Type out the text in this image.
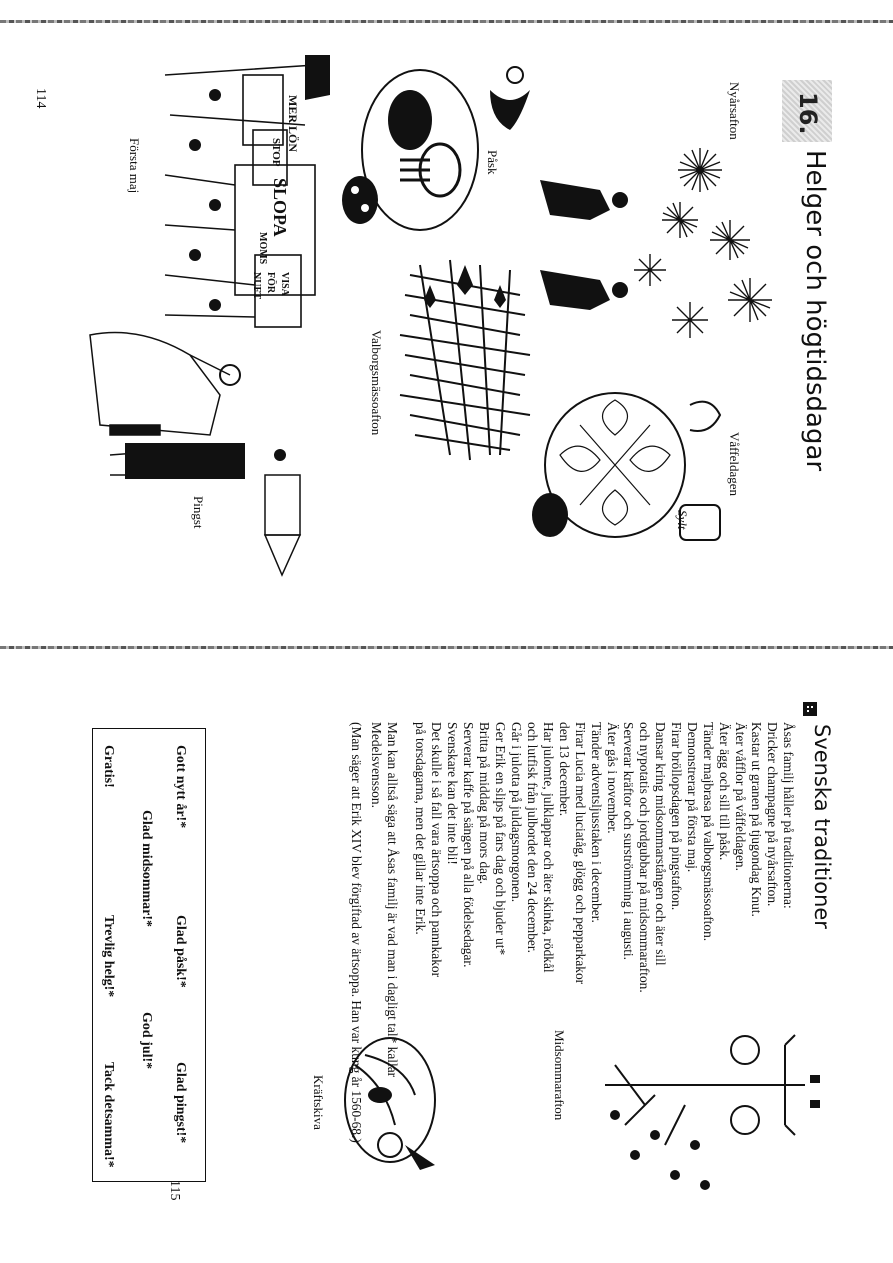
114	16.
Helger och högtidsdagar
Nyårsafton
Påsk
Våffeldagen
Valborgsmässoafton
Första maj
Pingst	Sylt
MER LÖN
STOP
SLOPA
MOMS
VISA
FÖR
NUFT
115
Svenska traditioner
Midsommarafton
Kräftskiva
Åsas familj håller på traditionerna:
Dricker champagne på nyårsafton.
Kastar ut granen på tjugondag Knut.
Äter våfflor på våffeldagen.
Äter ägg och sill till påsk.
Tänder majbrasa på valborgsmässoafton.
Demonstrerar på första maj.
Firar bröllopsdagen på pingstafton.
Dansar kring midsommarstången och äter sill
och nypotatis och jordgubbar på midsommarafton.
Serverar kräftor och surströmming i augusti.
Äter gås i november.
Tänder adventsljusstaken i december.
Firar Lucia med luciatåg, glögg och pepparkakor
den 13 december.
Har julomte, julklappar och äter skinka, rödkål
och lutfisk från julbordet den 24 december.
Går i julotta på juldagsmorgonen.
Ger Erik en slips på fars dag och bjuder ut*
Britta på middag på mors dag.
Serverar kaffe på sängen på alla födelsedagar.
Svenskare kan det inte bli!
Det skulle i så fall vara ärtsoppa och pannkakor
på torsdagarna, men det gillar inte Erik.
Man kan alltså säga att Åsas familj är vad man i dagligt tal* kallar
Medelsvensson.
(Man säger att Erik XIV blev förgiftad av ärtsoppa. Han var kung år 1560-68.)
Gott nytt år!*
Glad påsk!*
Glad pingst!*
Glad midsommar!*
God jul!*
Gratis!
Trevlig helg!*
Tack detsamma!*
